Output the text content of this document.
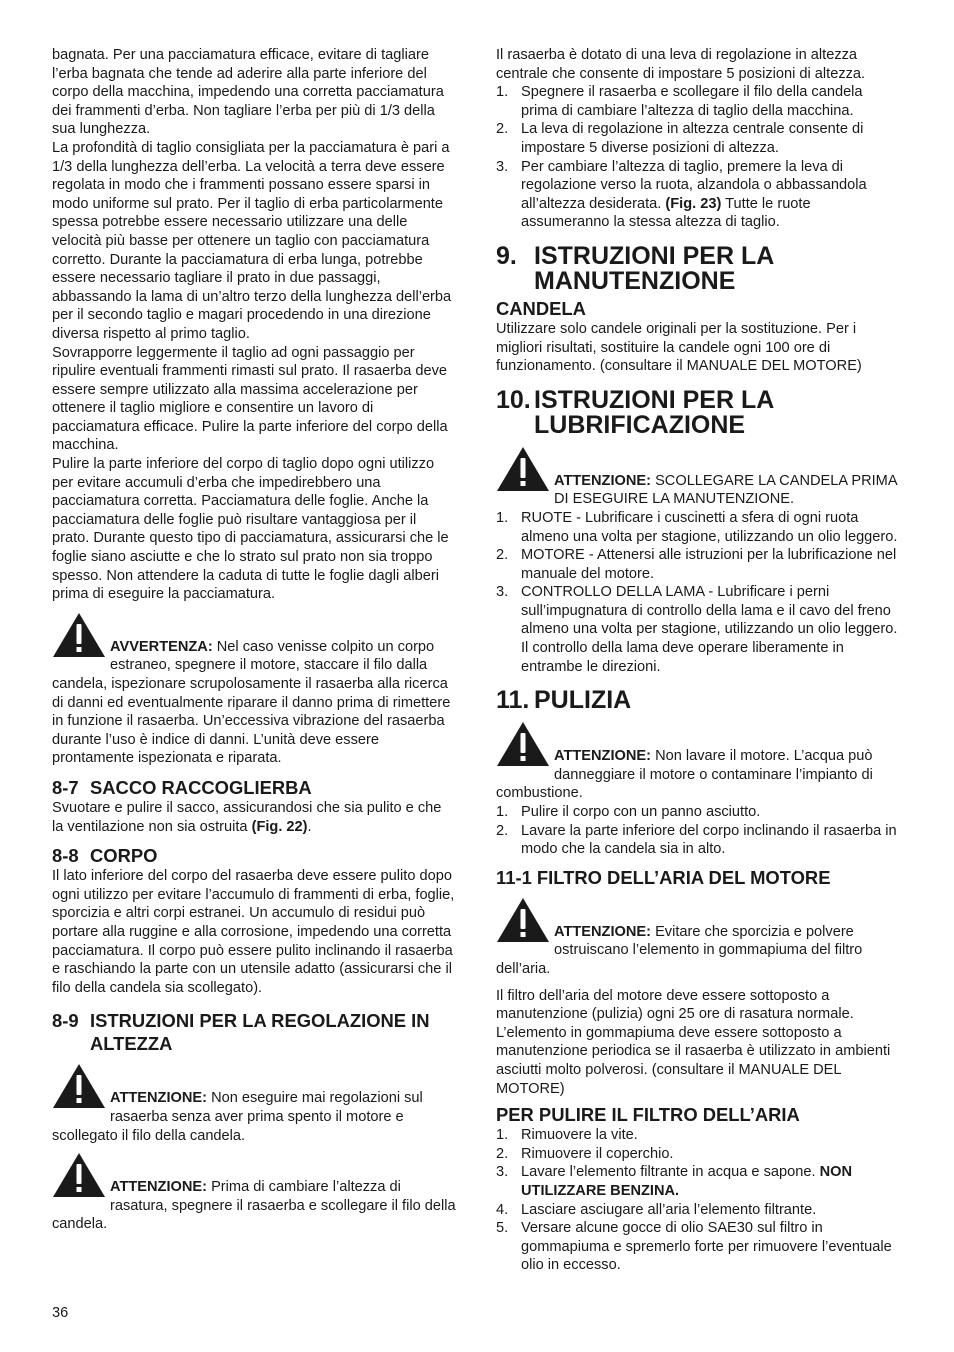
bagnata. Per una pacciamatura efficace, evitare di tagliare l’erba bagnata che tende ad aderire alla parte inferiore del corpo della macchina, impedendo una corretta pacciamatura dei frammenti d’erba. Non tagliare l’erba per più di 1/3 della sua lunghezza.

La profondità di taglio consigliata per la pacciamatura è pari a 1/3 della lunghezza dell’erba. La velocità a terra deve essere regolata in modo che i frammenti possano essere sparsi in modo uniforme sul prato. Per il taglio di erba particolarmente spessa potrebbe essere necessario utilizzare una delle velocità più basse per ottenere un taglio con pacciamatura corretto. Durante la pacciamatura di erba lunga, potrebbe essere necessario tagliare il prato in due passaggi, abbassando la lama di un’altro terzo della lunghezza dell’erba per il secondo taglio e magari procedendo in una direzione diversa rispetto al primo taglio.

Sovrapporre leggermente il taglio ad ogni passaggio per ripulire eventuali frammenti rimasti sul prato. Il rasaerba deve essere sempre utilizzato alla massima accelerazione per ottenere il taglio migliore e consentire un lavoro di pacciamatura efficace. Pulire la parte inferiore del corpo della macchina.

Pulire la parte inferiore del corpo di taglio dopo ogni utilizzo per evitare accumuli d’erba che impedirebbero una pacciamatura corretta. Pacciamatura delle foglie. Anche la pacciamatura delle foglie può risultare vantaggiosa per il prato. Durante questo tipo di pacciamatura, assicurarsi che le foglie siano asciutte e che lo strato sul prato non sia troppo spesso. Non attendere la caduta di tutte le foglie dagli alberi prima di eseguire la pacciamatura.

AVVERTENZA: Nel caso venisse colpito un corpo estraneo, spegnere il motore, staccare il filo dalla candela, ispezionare scrupolosamente il rasaerba alla ricerca di danni ed eventualmente riparare il danno prima di rimettere in funzione il rasaerba. Un’eccessiva vibrazione del rasaerba durante l’uso è indice di danni. L’unità deve essere prontamente ispezionata e riparata.
8-7 SACCO RACCOGLIERBA

Svuotare e pulire il sacco, assicurandosi che sia pulito e che la ventilazione non sia ostruita (Fig. 22).

8-8 CORPO

Il lato inferiore del corpo del rasaerba deve essere pulito dopo ogni utilizzo per evitare l’accumulo di frammenti di erba, foglie, sporcizia e altri corpi estranei. Un accumulo di residui può portare alla ruggine e alla corrosione, impedendo una corretta pacciamatura. Il corpo può essere pulito inclinando il rasaerba e raschiando la parte con un utensile adatto (assicurarsi che il filo della candela sia scollegato).

8-9 ISTRUZIONI PER LA REGOLAZIONE IN ALTEZZA
ATTENZIONE: Non eseguire mai regolazioni sul rasaerba senza aver prima spento il motore e scollegato il filo della candela.
ATTENZIONE: Prima di cambiare l’altezza di rasatura, spegnere il rasaerba e scollegare il filo della candela.

Il rasaerba è dotato di una leva di regolazione in altezza centrale che consente di impostare 5 posizioni di altezza.

1. Spegnere il rasaerba e scollegare il filo della candela prima di cambiare l’altezza di taglio della macchina.
2. La leva di regolazione in altezza centrale consente di impostare 5 diverse posizioni di altezza.
3. Per cambiare l’altezza di taglio, premere la leva di regolazione verso la ruota, alzandola o abbassandola all’altezza desiderata. (Fig. 23) Tutte le ruote assumeranno la stessa altezza di taglio.
9. ISTRUZIONI PER LA MANUTENZIONE
CANDELA

Utilizzare solo candele originali per la sostituzione. Per i migliori risultati, sostituire la candele ogni 100 ore di funzionamento. (consultare il MANUALE DEL MOTORE)

10. ISTRUZIONI PER LA LUBRIFICAZIONE
ATTENZIONE: SCOLLEGARE LA CANDELA PRIMA DI ESEGUIRE LA MANUTENZIONE.
1. RUOTE - Lubrificare i cuscinetti a sfera di ogni ruota almeno una volta per stagione, utilizzando un olio leggero.
2. MOTORE - Attenersi alle istruzioni per la lubrificazione nel manuale del motore.
3. CONTROLLO DELLA LAMA - Lubrificare i perni sull’impugnatura di controllo della lama e il cavo del freno almeno una volta per stagione, utilizzando un olio leggero. Il controllo della lama deve operare liberamente in entrambe le direzioni.
11. PULIZIA
ATTENZIONE: Non lavare il motore. L’acqua può danneggiare il motore o contaminare l’impianto di combustione.
1. Pulire il corpo con un panno asciutto.
2. Lavare la parte inferiore del corpo inclinando il rasaerba in modo che la candela sia in alto.
11-1 FILTRO DELL’ARIA DEL MOTORE
ATTENZIONE: Evitare che sporcizia e polvere ostruiscano l’elemento in gommapiuma del filtro dell’aria.

Il filtro dell’aria del motore deve essere sottoposto a manutenzione (pulizia) ogni 25 ore di rasatura normale. L’elemento in gommapiuma deve essere sottoposto a manutenzione periodica se il rasaerba è utilizzato in ambienti asciutti molto polverosi. (consultare il MANUALE DEL MOTORE)

PER PULIRE IL FILTRO DELL’ARIA
1. Rimuovere la vite.
2. Rimuovere il coperchio.
3. Lavare l’elemento filtrante in acqua e sapone. NON UTILIZZARE BENZINA.
4. Lasciare asciugare all’aria l’elemento filtrante.
5. Versare alcune gocce di olio SAE30 sul filtro in gommapiuma e spremerlo forte per rimuovere l’eventuale olio in eccesso.
36
